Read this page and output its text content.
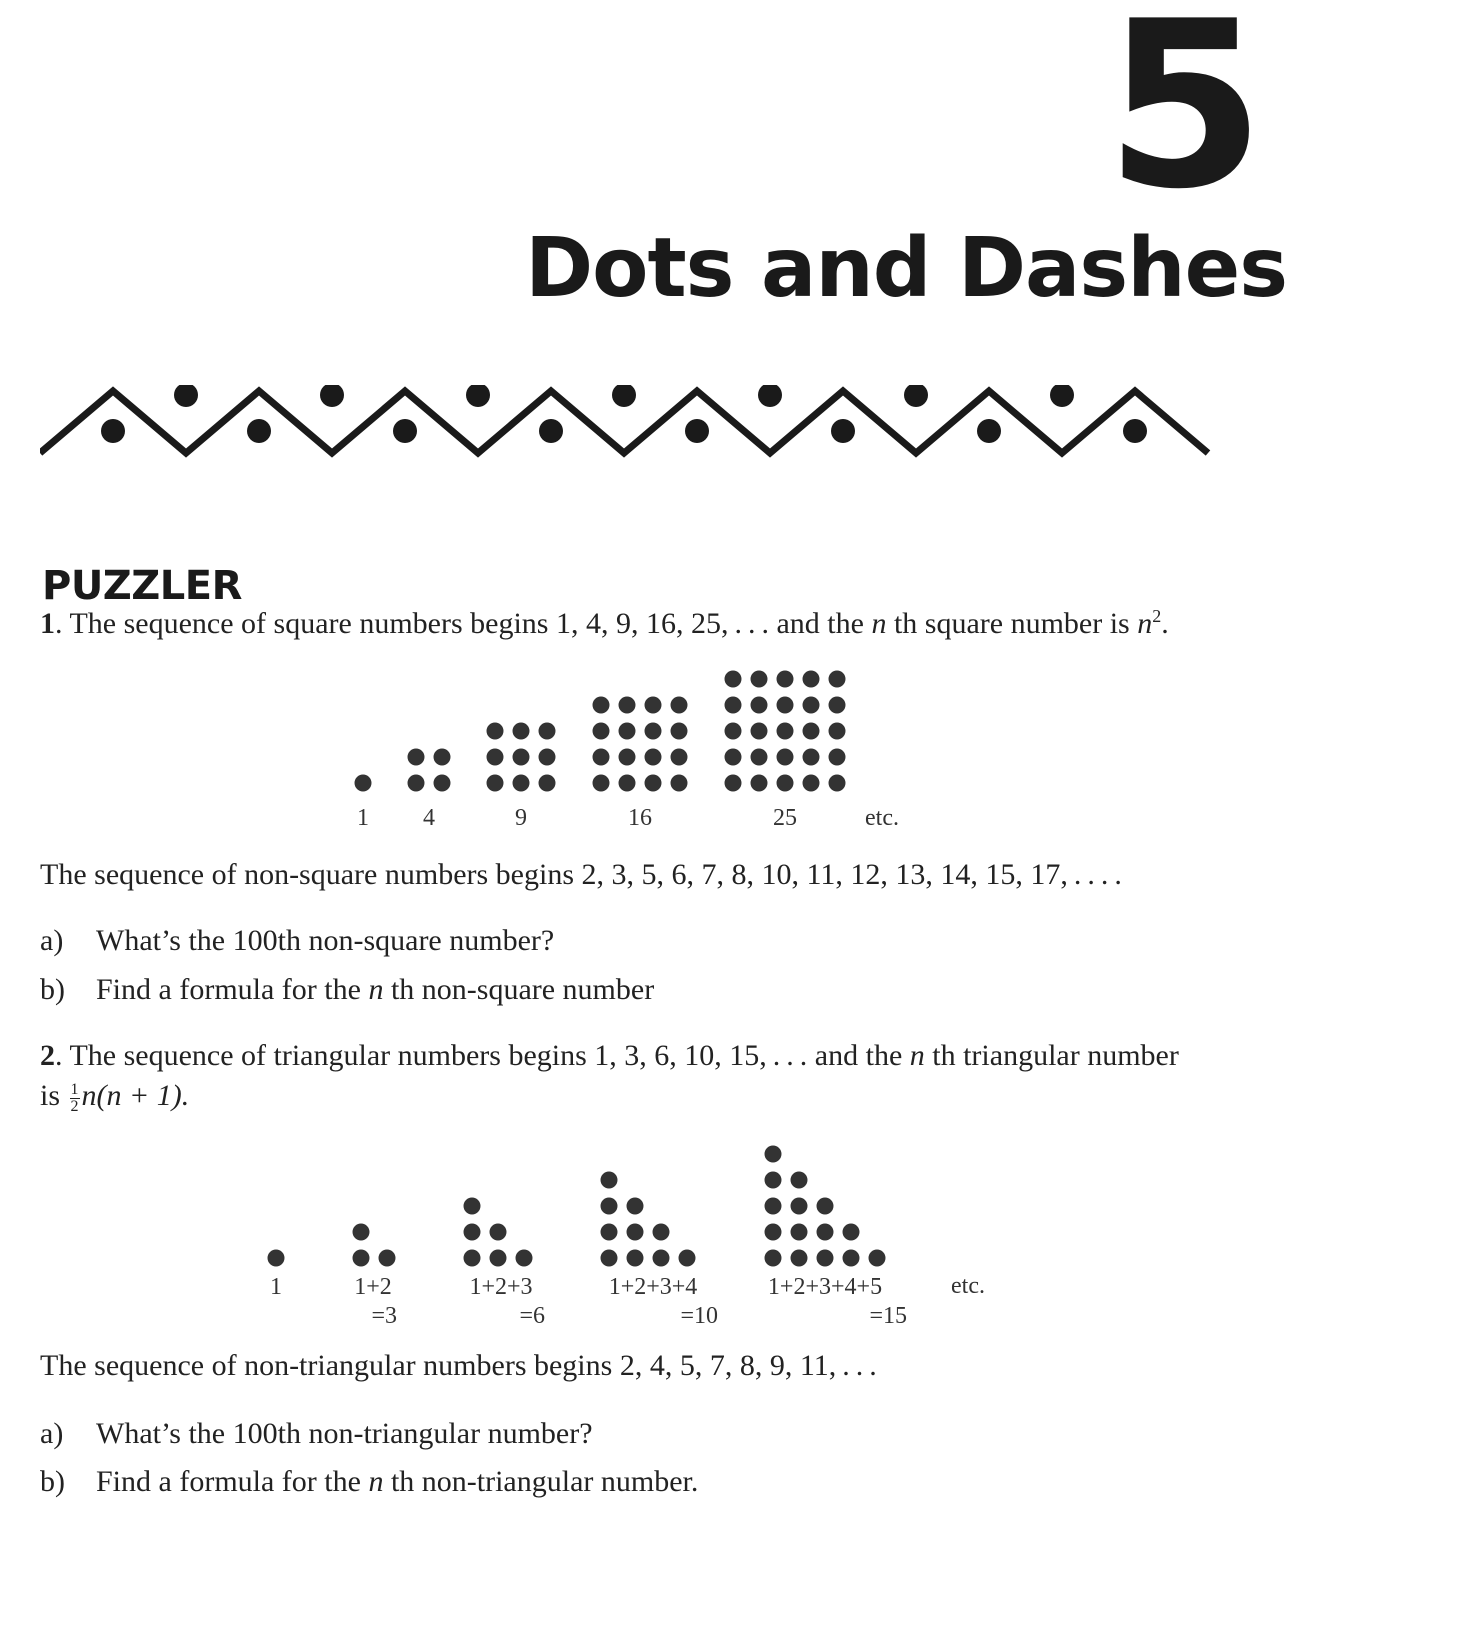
5
Dots and Dashes
PUZZLER
1. The sequence of square numbers begins 1, 4, 9, 16, 25, . . . and the n th square number is $n^2$.
1 4	9	16	25	etc.
The sequence of non-square numbers begins 2, 3, 5, 6, 7, 8, 10, 11, 12, 13, 14, 15, 17, . . . .
a) What’s the 100th non-square number?
b) Find a formula for the n th non-square number
2. The sequence of triangular numbers begins 1, 3, 6, 10, 15, . . . and the n th triangular number
is $\frac{1}{2} n(n + 1)$.
1	1+2
=3
1+2+3
=6
1+2+3+4
=10
1+2+3+4+5
=15
etc.
The sequence of non-triangular numbers begins 2, 4, 5, 7, 8, 9, 11, . . .
a) What’s the 100th non-triangular number?
b) Find a formula for the n th non-triangular number.
